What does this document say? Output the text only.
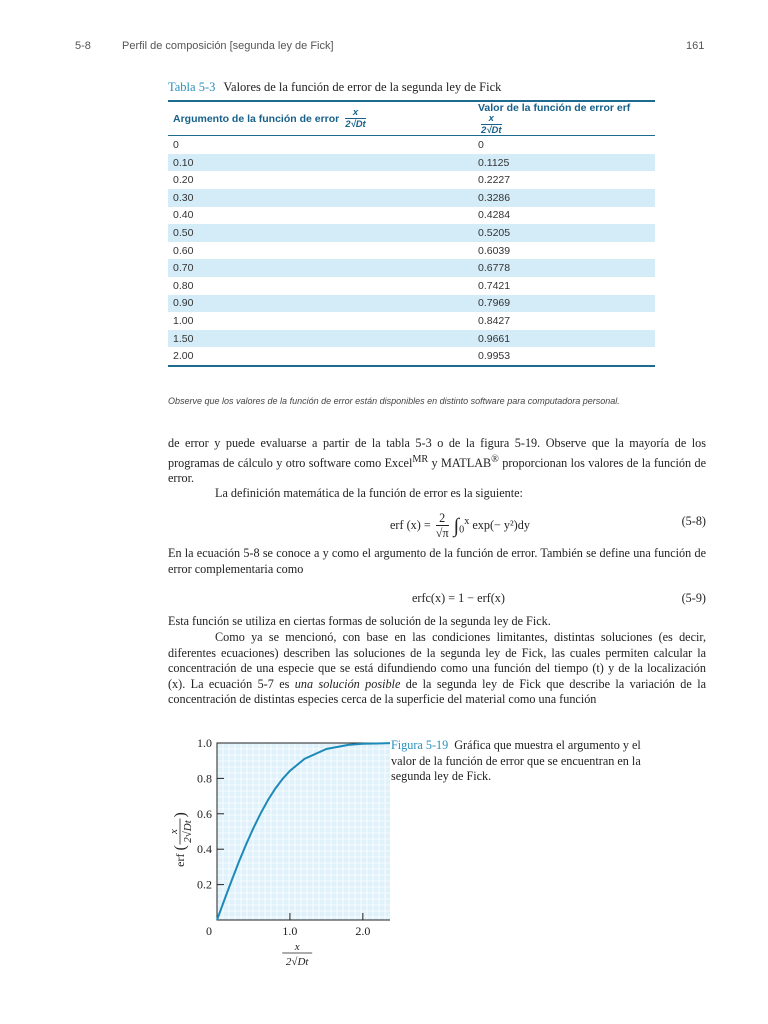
5-8	Perfil de composición [segunda ley de Fick]	161
Tabla 5-3 Valores de la función de error de la segunda ley de Fick
Argumento de la función de error $\frac{x}{2√Dt}$	Valor de la función de error erf
$\frac{x}{2√Dt}$

0	0
0.10	0.1125
0.20	0.2227
0.30	0.3286
0.40	0.4284
0.50	0.5205
0.60	0.6039
0.70	0.6778
0.80	0.7421
0.90	0.7969
1.00	0.8427
1.50	0.9661
2.00	0.9953
Observe que los valores de la función de error están disponibles en distinto software para computadora personal.
de error y puede evaluarse a partir de la tabla 5-3 o de la figura 5-19. Observe que la mayoría de los programas de cálculo y otro software como Excel$^{MR}$ y MATLAB® proporcionan los valores de la función de error.
La definición matemática de la función de error es la siguiente:
erf $(x) = \frac{2}{√\pi} \int_0^x$ exp(− y²)dy	(5-8)
En la ecuación 5-8 se conoce a y como el argumento de la función de error. También se define una función de error complementaria como
erfc(x) = 1 − erf(x)	(5-9)
Esta función se utiliza en ciertas formas de solución de la segunda ley de Fick.
Como ya se mencionó, con base en las condiciones limitantes, distintas soluciones (es decir, diferentes ecuaciones) describen las soluciones de la segunda ley de Fick, las cuales permiten calcular la concentración de una especie que se está difundiendo como una función del tiempo (t) y de la localización (x). La ecuación 5-7 es una solución posible de la segunda ley de Fick que describe la variación de la concentración de distintas especies cerca de la superficie del material como una función
0.2
0.4
0.6
0.8
1.0
0	1.0	2.0
x
2√Dt
erf
(
x 2√Dt
)
Figura 5-19 Gráfica que muestra el argumento y el valor de la función de error que se encuentran en la segunda ley de Fick.
